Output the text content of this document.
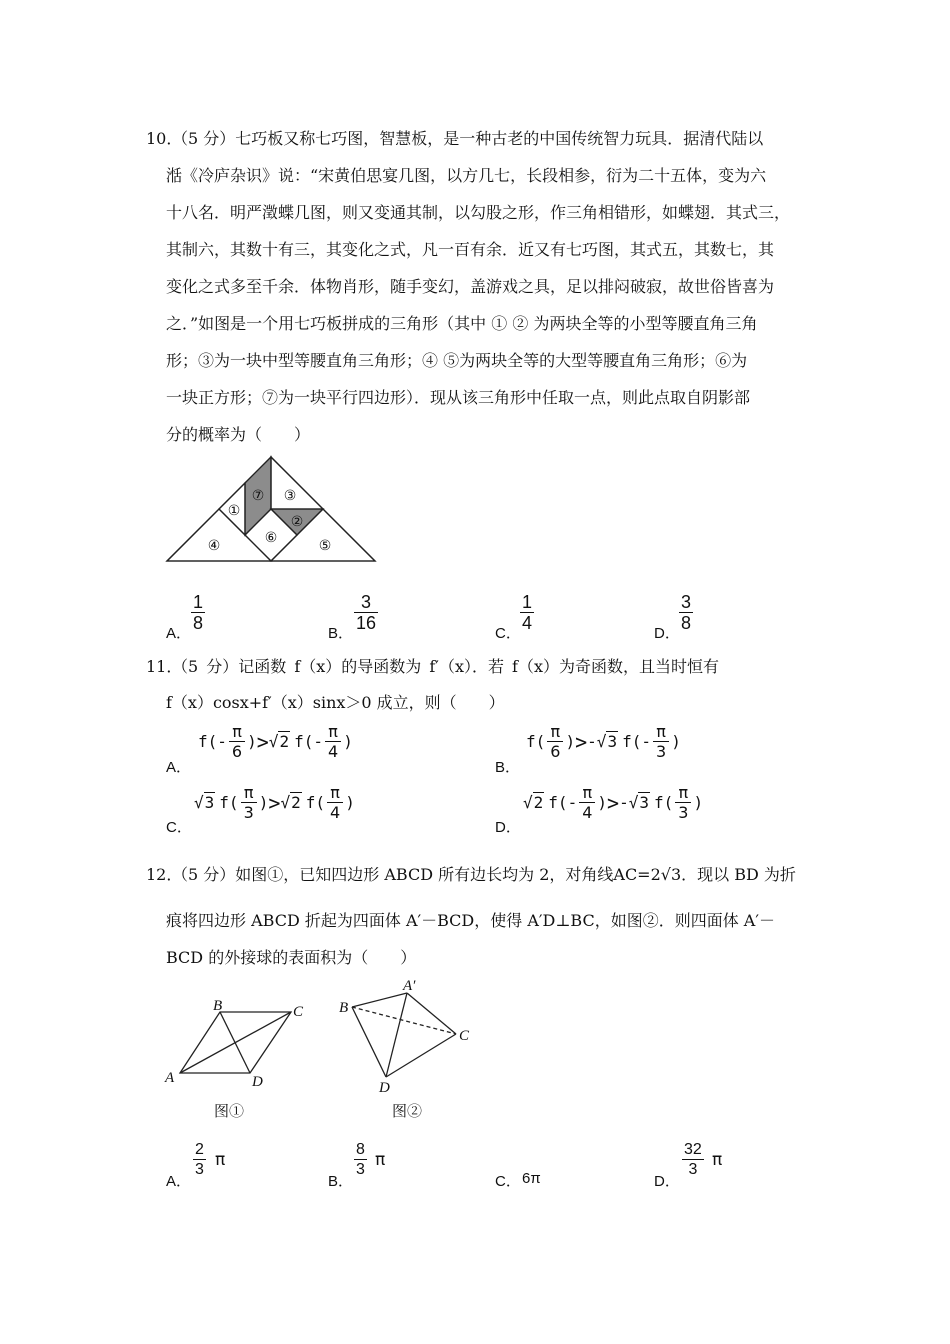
10．
（5 分）七巧板又称七巧图，智慧板，是一种古老的中国传统智力玩具．据清代陆以
湉《冷庐杂识》说：“宋黄伯思宴几图，以方几七，长段相参，衍为二十五体，变为六
十八名．明严澂蝶几图，则又变通其制，以勾股之形，作三角相错形，如蝶翅．其式三，
其制六，其数十有三，其变化之式，凡一百有余．近又有七巧图，其式五，其数七，其
变化之式多至千余．体物肖形，随手变幻，盖游戏之具，足以排闷破寂，故世俗皆喜为
之．”如图是一个用七巧板拼成的三角形（其中 ① ② 为两块全等的小型等腰直角三角
形；③为一块中型等腰直角三角形；④ ⑤为两块全等的大型等腰直角三角形；⑥为
一块正方形；⑦为一块平行四边形）．现从该三角形中任取一点，则此点取自阴影部
分的概率为（　　）
①
②
③
④	⑤
⑥
⑦
A．
$\frac{1}{8}$
B．
$\frac{3}{16}$
C．
$\frac{1}{4}$
D．
$\frac{3}{8}$
11．
（5 分）记函数 f（x）的导函数为 f′（x）．若 f（x）为奇函数，且当时恒有
f（x）cosx+f′（x）sinx＞0 成立，则（　　）
A．
f ( -
π
6
) > √2 f ( -
π
4
)
B．
f (
π
6
) > - √3 f ( -
π
3
)
C．
√3 f (
π
3
) > √2 f (
π
4
)
D．
√2 f ( -
π
4
) > - √3 f (
π
3
)
12．
（5 分）如图①，已知四边形 ABCD 所有边长均为 2，对角线AC=2√3．现以 BD 为折
痕将四边形 ABCD 折起为四面体 A′－BCD，使得 A′D⊥BC，如图②．则四面体 A′－
BCD 的外接球的表面积为（　　）
A
B	C
D
图①
A′
B
C
D
图②
A．
$\frac{2}{3}$ π
B．
$\frac{8}{3}$ π
C． 6π	D．
$\frac{32}{3}$ π
